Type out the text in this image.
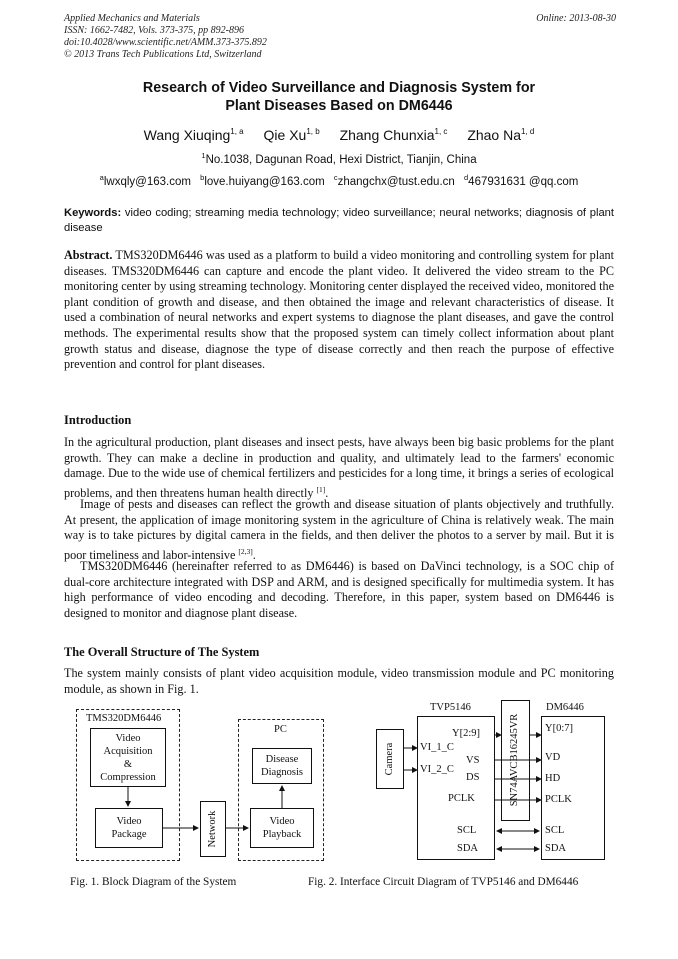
Applied Mechanics and Materials
ISSN: 1662-7482, Vols. 373-375, pp 892-896
doi:10.4028/www.scientific.net/AMM.373-375.892
© 2013 Trans Tech Publications Ltd, Switzerland
Online: 2013-08-30
Research of Video Surveillance and Diagnosis System for
Plant Diseases Based on DM6446
Wang Xiuqing$^{1, a}$ Qie Xu$^{1, b}$ Zhang Chunxia$^{1, c}$ Zhao Na$^{1, d}$
$^1$No.1038, Dagunan Road, Hexi District, Tianjin, China
$^a$lwxqly@163.com $^b$love.huiyang@163.com $^c$zhangchx@tust.edu.cn $^d$467931631 @qq.com
Keywords: video coding; streaming media technology; video surveillance; neural networks; diagnosis of plant disease
Abstract. TMS320DM6446 was used as a platform to build a video monitoring and controlling system for plant diseases. TMS320DM6446 can capture and encode the plant video. It delivered the video stream to the PC monitoring center by using streaming technology. Monitoring center displayed the received video, monitored the plant condition of growth and disease, and then obtained the image and relevant characteristics of disease. It used a combination of neural networks and expert systems to diagnose the plant diseases, and gave the control methods. The experimental results show that the proposed system can timely collect information about plant growth status and disease, diagnose the type of disease correctly and then reach the purpose of effective prevention and control for plant diseases.
Introduction
In the agricultural production, plant diseases and insect pests, have always been big basic problems for the plant growth. They can make a decline in production and quality, and ultimately lead to the farmers' economic damage. Due to the wide use of chemical fertilizers and pesticides for a long time, it brings a series of ecological problems, and then threatens human health directly [1].
Image of pests and diseases can reflect the growth and disease situation of plants objectively and truthfully. At present, the application of image monitoring system in the agriculture of China is relatively weak. The main way is to take pictures by digital camera in the fields, and then deliver the photos to a server by mail. But it is poor timeliness and labor-intensive [2,3].
TMS320DM6446 (hereinafter referred to as DM6446) is based on DaVinci technology, is a SOC chip of dual-core architecture integrated with DSP and ARM, and is designed specifically for multimedia system. It has high performance of video encoding and decoding. Therefore, in this paper, system based on DM6446 is designed to monitor and diagnose plant disease.
The Overall Structure of The System
The system mainly consists of plant video acquisition module, video transmission module and PC monitoring module, as shown in Fig. 1.
TMS320DM6446
PC
Video
Acquisition
&
Compression
Video
Package	Network
Disease
Diagnosis
Video
Playback
Fig. 1. Block Diagram of the System
TVP5146	DM6446
Camera	SN74AVCB16245VR
Y[2:9]
VI_1_C
VS
VI_2_C
DS
PCLK
SCL
SDA
Y[0:7]
VD
HD
PCLK
SCL
SDA
Fig. 2. Interface Circuit Diagram of TVP5146 and DM6446
